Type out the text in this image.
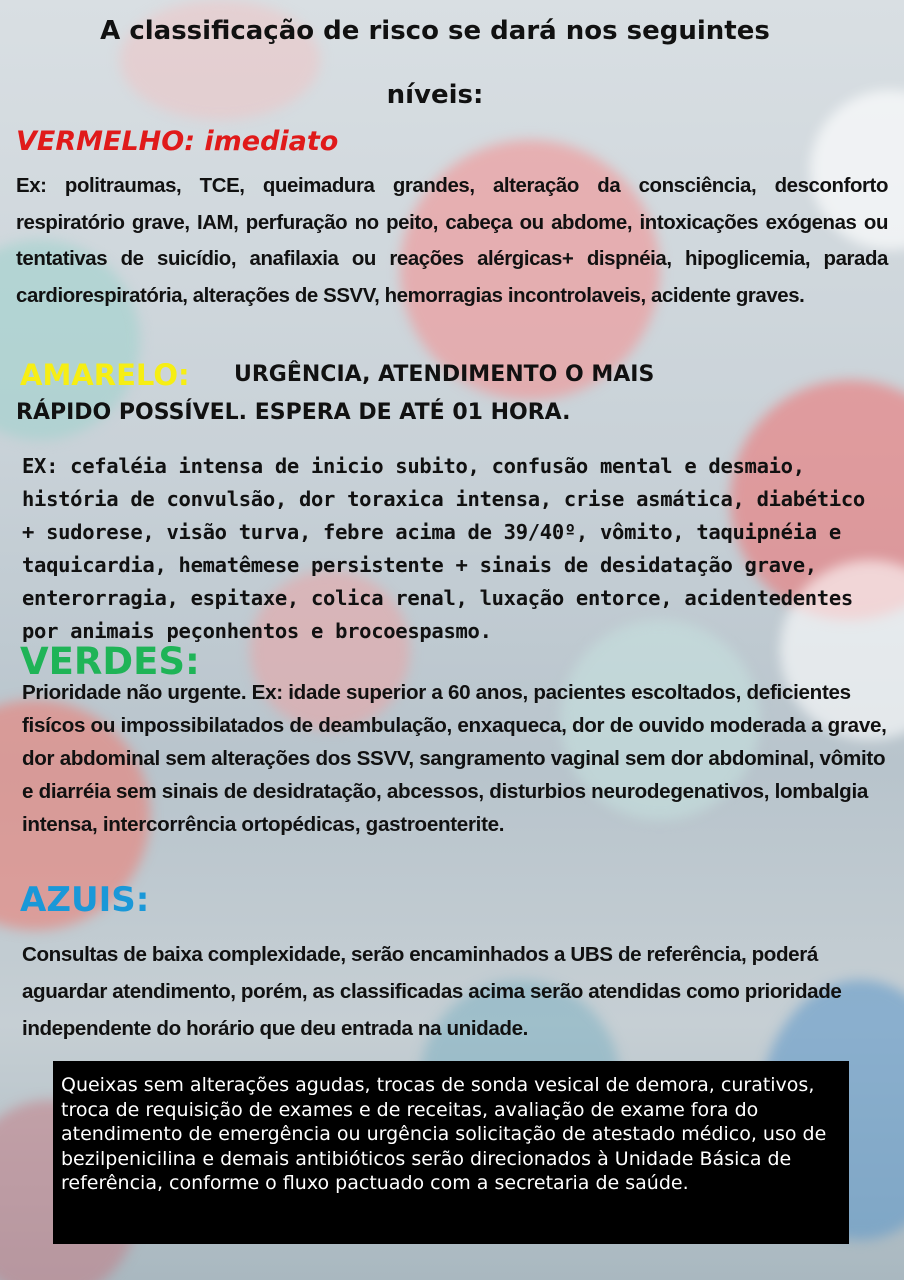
A classificação de risco se dará nos seguintes
níveis:
VERMELHO: imediato

Ex: politraumas, TCE, queimadura grandes, alteração da consciência, desconforto respiratório grave, IAM, perfuração no peito, cabeça ou abdome, intoxicações exógenas ou tentativas de suicídio, anafilaxia ou reações alérgicas+ dispnéia, hipoglicemia, parada cardiorespiratória, alterações de SSVV, hemorragias incontrolaveis, acidente graves.

AMARELO: URGÊNCIA, ATENDIMENTO O MAIS
RÁPIDO POSSÍVEL. ESPERA DE ATÉ 01 HORA.

EX: cefaléia intensa de inicio subito, confusão mental e desmaio, história de convulsão, dor toraxica intensa, crise asmática, diabético + sudorese, visão turva, febre acima de 39/40º, vômito, taquipnéia e taquicardia, hematêmese persistente + sinais de desidatação grave, enterorragia, espitaxe, colica renal, luxação entorce, acidentedentes por animais peçonhentos e brocoespasmo.

VERDES:

Prioridade não urgente. Ex: idade superior a 60 anos, pacientes escoltados, deficientes fisícos ou impossibilatados de deambulação, enxaqueca, dor de ouvido moderada a grave, dor abdominal sem alterações dos SSVV, sangramento vaginal sem dor abdominal, vômito e diarréia sem sinais de desidratação, abcessos, disturbios neurodegenativos, lombalgia intensa, intercorrência ortopédicas, gastroenterite.

AZUIS:

Consultas de baixa complexidade, serão encaminhados a UBS de referência, poderá aguardar atendimento, porém, as classificadas acima serão atendidas como prioridade independente do horário que deu entrada na unidade.

Queixas sem alterações agudas, trocas de sonda vesical de demora, curativos, troca de requisição de exames e de receitas, avaliação de exame fora do atendimento de emergência ou urgência solicitação de atestado médico, uso de bezilpenicilina e demais antibióticos serão direcionados à Unidade Básica de referência, conforme o fluxo pactuado com a secretaria de saúde.
